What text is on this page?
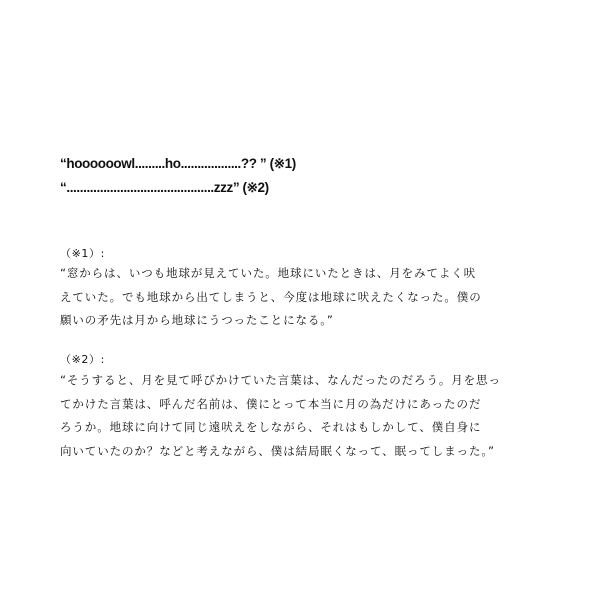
“hoooooowl.........ho..................?? ” (※1)
“............................................zzz” (※2)
（※1）:
“窓からは、いつも地球が見えていた。地球にいたときは、月をみてよく吠
えていた。でも地球から出てしまうと、今度は地球に吠えたくなった。僕の
願いの矛先は月から地球にうつったことになる。”
（※2）:
“そうすると、月を見て呼びかけていた言葉は、なんだったのだろう。月を思っ
てかけた言葉は、呼んだ名前は、僕にとって本当に月の為だけにあったのだ
ろうか。地球に向けて同じ遠吠えをしながら、それはもしかして、僕自身に
向いていたのか？などと考えながら、僕は結局眠くなって、眠ってしまった。”
